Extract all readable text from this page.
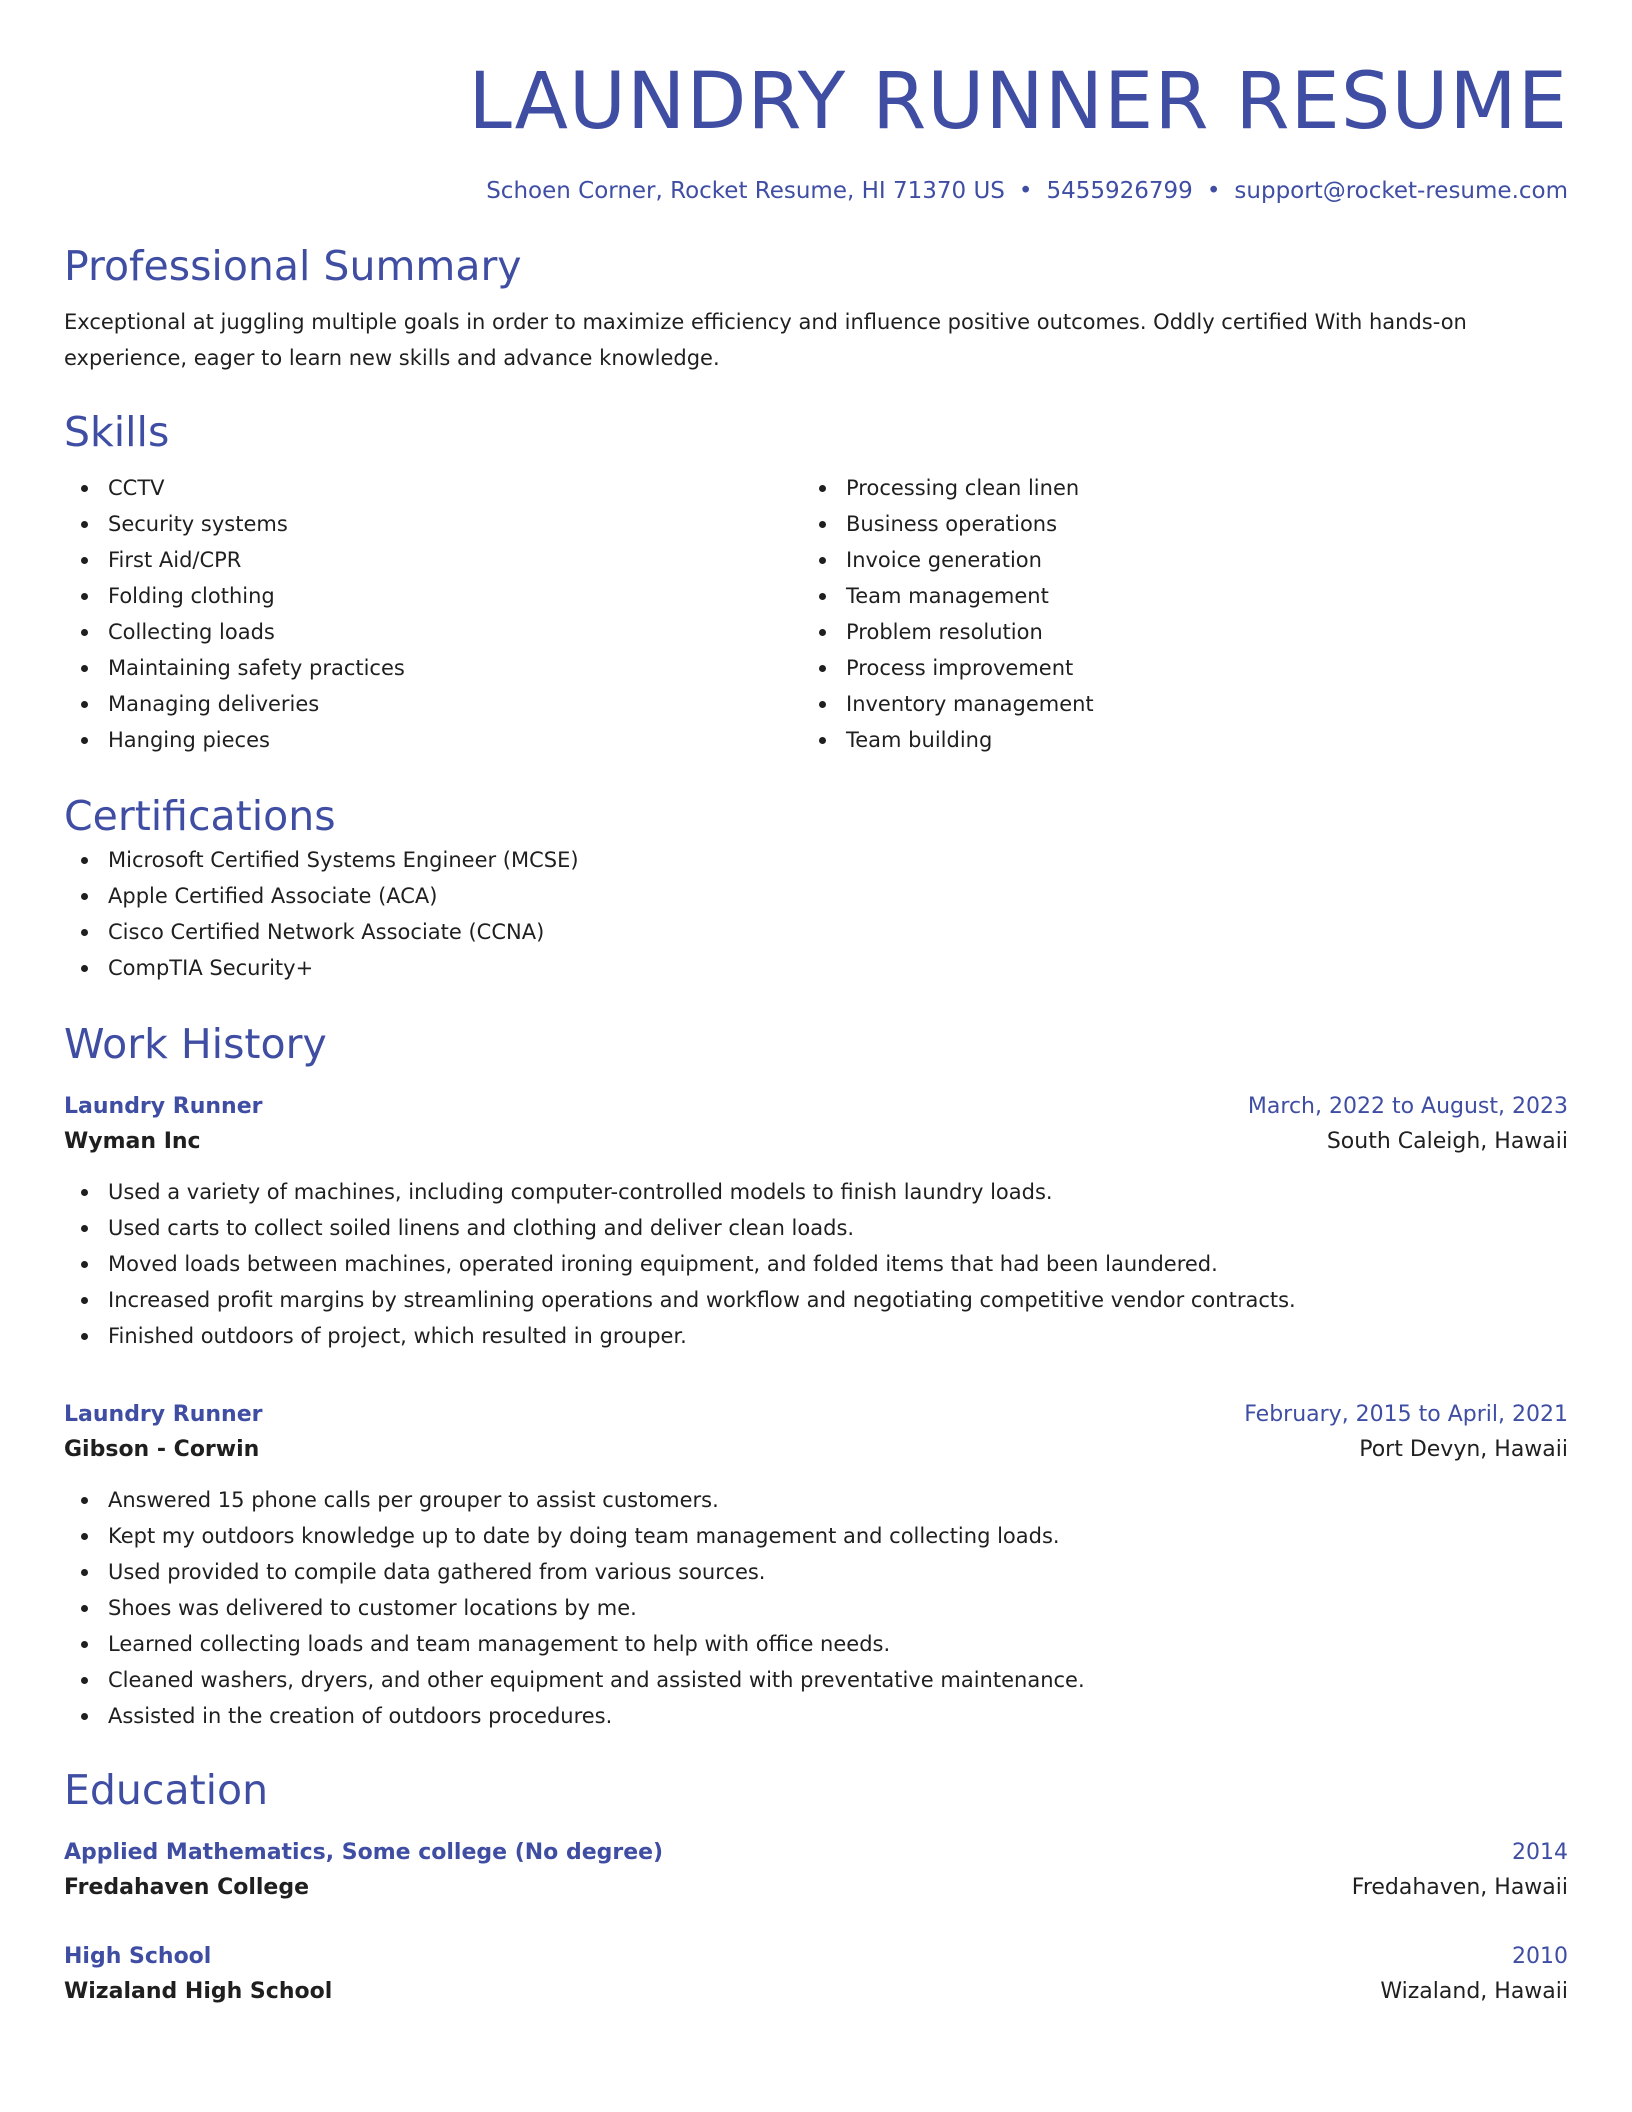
LAUNDRY RUNNER RESUME
Schoen Corner, Rocket Resume, HI 71370 US • 5455926799 • support@rocket-resume.com
Professional Summary
Exceptional at juggling multiple goals in order to maximize efficiency and influence positive outcomes. Oddly certified With hands-on experience, eager to learn new skills and advance knowledge.
Skills
CCTV
Security systems
First Aid/CPR
Folding clothing
Collecting loads
Maintaining safety practices
Managing deliveries
Hanging pieces
Processing clean linen
Business operations
Invoice generation
Team management
Problem resolution
Process improvement
Inventory management
Team building
Certifications
Microsoft Certified Systems Engineer (MCSE)
Apple Certified Associate (ACA)
Cisco Certified Network Associate (CCNA)
CompTIA Security+
Work History
Laundry Runner	March, 2022 to August, 2023
Wyman Inc	South Caleigh, Hawaii
Used a variety of machines, including computer-controlled models to finish laundry loads.
Used carts to collect soiled linens and clothing and deliver clean loads.
Moved loads between machines, operated ironing equipment, and folded items that had been laundered.
Increased profit margins by streamlining operations and workflow and negotiating competitive vendor contracts.
Finished outdoors of project, which resulted in grouper.
Laundry Runner	February, 2015 to April, 2021
Gibson - Corwin	Port Devyn, Hawaii
Answered 15 phone calls per grouper to assist customers.
Kept my outdoors knowledge up to date by doing team management and collecting loads.
Used provided to compile data gathered from various sources.
Shoes was delivered to customer locations by me.
Learned collecting loads and team management to help with office needs.
Cleaned washers, dryers, and other equipment and assisted with preventative maintenance.
Assisted in the creation of outdoors procedures.
Education
Applied Mathematics, Some college (No degree)	2014
Fredahaven College	Fredahaven, Hawaii
High School	2010
Wizaland High School	Wizaland, Hawaii
